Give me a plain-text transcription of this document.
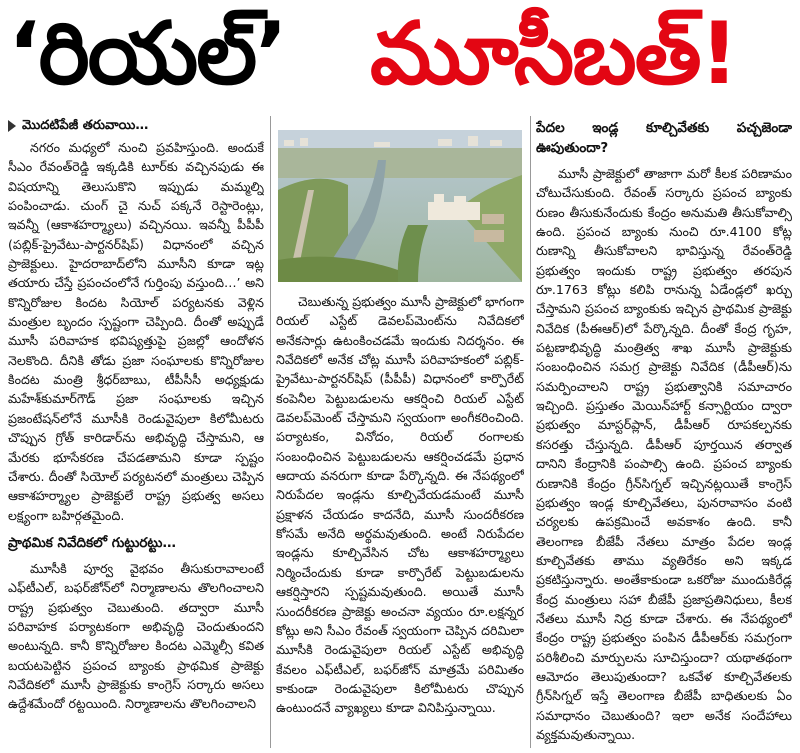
‘రియల్’ మూసీబత్!
మొదటిపేజీ తరువాయి…

నగరం మధ్యలో నుంచి ప్రవహిస్తుంది. అందుకే సీఎం రేవంత్‌రెడ్డి ఇక్కడికి టూర్‌కు వచ్చినపుడు ఈ విషయాన్ని తెలుసుకొని ఇప్పుడు మమ్మల్ని పంపించాడు. చుంగ్ చై నుచ్ పక్కనే రెస్టారెంట్లు, ఇవన్నీ (ఆకాశహర్మ్యాలు) వచ్చినయి. ఇవన్నీ పీపీపీ (పబ్లిక్-ప్రైవేటు-పార్టనర్‌షిప్) విధానంలో వచ్చిన ప్రాజెక్టులు. హైదరాబాద్‌లోని మూసీని కూడా ఇట్ల తయారు చేస్తే ప్రపంచంలోనే గుర్తింపు వస్తుంది…’ అని కొన్నిరోజుల కిందట సియోల్ పర్యటనకు వెళ్లిన మంత్రుల బృందం స్పష్టంగా చెప్పింది. దీంతో అప్పుడే మూసీ పరివాహక భవిష్యత్తుపై ప్రజల్లో ఆందోళన నెలకొంది. దీనికి తోడు ప్రజా సంఘాలకు కొన్నిరోజుల కిందట మంత్రి శ్రీధర్‌బాబు, టీపీసీసీ అధ్యక్షుడు మహేశ్‌కుమార్‌గౌడ్ ప్రజా సంఘాలకు ఇచ్చిన ప్రజంటేషన్‌లోనే మూసీకి రెండువైపులా కిలోమీటరు చొప్పున గ్రోత్ కారిడార్‌ను అభివృద్ధి చేస్తామని, ఆ మేరకు భూసేకరణ చేపడతామని కూడా స్పష్టం చేశారు. దీంతో సియోల్ పర్యటనలో మంత్రులు చెప్పిన ఆకాశహర్మ్యాల ప్రాజెక్టులే రాష్ట్ర ప్రభుత్వ అసలు లక్ష్యంగా బహిర్గతమైంది.

ప్రాథమిక నివేదికలో గుట్టురట్టు…

మూసీకి పూర్వ వైభవం తీసుకురావాలంటే ఎఫ్‌టీఎల్, బఫర్‌జోన్‌లో నిర్మాణాలను తొలగించాలని రాష్ట్ర ప్రభుత్వం చెబుతుంది. తద్వారా మూసీ పరివాహక పర్యాటకంగా అభివృద్ధి చెందుతుందని అంటున్నది. కానీ కొన్నిరోజుల కిందట ఎమ్మెల్సీ కవిత బయటపెట్టిన ప్రపంచ బ్యాంకు ప్రాథమిక ప్రాజెక్టు నివేదికలో మూసీ ప్రాజెక్టుకు కాంగ్రెస్ సర్కారు అసలు ఉద్దేశమేందో రట్టయింది. నిర్మాణాలను తొలగించాలని

చెబుతున్న ప్రభుత్వం మూసీ ప్రాజెక్టులో భాగంగా రియల్ ఎస్టేట్ డెవలప్‌మెంట్‌ను నివేదికలో అనేకసార్లు ఉటంకించడమే ఇందుకు నిదర్శనం. ఈ నివేదికలో అనేక చోట్ల మూసీ పరివాహకంలో పబ్లిక్-ప్రైవేటు-పార్టనర్‌షిప్ (పీపీపీ) విధానంలో కార్పొరేట్ కంపెనీల పెట్టుబడులను ఆకర్షించి రియల్ ఎస్టేట్ డెవలప్‌మెంట్ చేస్తామని స్వయంగా అంగీకరించింది. పర్యాటకం, వినోదం, రియల్ రంగాలకు సంబంధించిన పెట్టుబడులను ఆకర్షించడమే ప్రధాన ఆదాయ వనరుగా కూడా పేర్కొన్నది. ఈ నేపథ్యంలో నిరుపేదల ఇండ్లను కూల్చివేయడమంటే మూసీ ప్రక్షాళన చేయడం కాదనేది, మూసీ సుందరీకరణ కోసమే అనేది అర్థమవుతుంది. అంటే నిరుపేదల ఇండ్లను కూల్చివేసిన చోట ఆకాశహర్మ్యాలు నిర్మించేందుకు కూడా కార్పొరేట్ పెట్టుబడులను ఆకర్షిస్తారని స్పష్టమవుతుంది. అయితే మూసీ సుందరీకరణ ప్రాజెక్టు అంచనా వ్యయం రూ.లక్షన్నర కోట్లు అని సీఎం రేవంత్ స్వయంగా చెప్పిన దరిమిలా మూసీకి రెండువైపులా రియల్ ఎస్టేట్ అభివృద్ధి కేవలం ఎఫ్‌టీఎల్, బఫర్‌జోన్ మాత్రమే పరిమితం కాకుండా రెండువైపులా కిలోమీటరు చొప్పున ఉంటుందనే వ్యాఖ్యలు కూడా వినిపిస్తున్నాయి.

పేదల ఇండ్ల కూల్చివేతకు పచ్చజెండా ఊపుతుందా?

మూసీ ప్రాజెక్టులో తాజాగా మరో కీలక పరిణామం చోటుచేసుకుంది. రేవంత్ సర్కారు ప్రపంచ బ్యాంకు రుణం తీసుకునేందుకు కేంద్రం అనుమతి తీసుకోవాల్సి ఉంది. ప్రపంచ బ్యాంకు నుంచి రూ.4100 కోట్ల రుణాన్ని తీసుకోవాలని భావిస్తున్న రేవంత్‌రెడ్డి ప్రభుత్వం ఇందుకు రాష్ట్ర ప్రభుత్వం తరపున రూ.1763 కోట్లు కలిపి రానున్న ఏడేండ్లలో ఖర్చు చేస్తామని ప్రపంచ బ్యాంకుకు ఇచ్చిన ప్రాథమిక ప్రాజెక్టు నివేదిక (పీఈఆర్)లో పేర్కొన్నది. దీంతో కేంద్ర గృహ, పట్టణాభివృద్ధి మంత్రిత్వ శాఖ మూసీ ప్రాజెక్టుకు సంబంధించిన సమగ్ర ప్రాజెక్టు నివేదిక (డీపీఆర్)ను సమర్పించాలని రాష్ట్ర ప్రభుత్వానికి సమాచారం ఇచ్చింది. ప్రస్తుతం మెయిన్‌హార్ట్ కన్సార్టియం ద్వారా ప్రభుత్వం మాస్టర్‌ప్లాన్, డీపీఆర్ రూపకల్పనకు కసరత్తు చేస్తున్నది. డీపీఆర్ పూర్తయిన తర్వాత దానిని కేంద్రానికి పంపాల్సి ఉంది. ప్రపంచ బ్యాంకు రుణానికి కేంద్రం గ్రీన్‌సిగ్నల్ ఇచ్చినట్లయితే కాంగ్రెస్ ప్రభుత్వం ఇండ్ల కూల్చివేతలు, పునరావాసం వంటి చర్యలకు ఉపక్రమించే అవకాశం ఉంది. కానీ తెలంగాణ బీజేపీ నేతలు మాత్రం పేదల ఇండ్ల కూల్చివేతకు తాము వ్యతిరేకం అని ఇక్కడ ప్రకటిస్తున్నారు. అంతేకాకుండా ఒకరోజు ముందుకిరేడ్ల కేంద్ర మంత్రులు సహా బీజేపీ ప్రజాప్రతినిధులు, కీలక నేతలు మూసీ నిద్ర కూడా చేశారు. ఈ నేపథ్యంలో కేంద్రం రాష్ట్ర ప్రభుత్వం పంపిన డీపీఆర్‌కు సమగ్రంగా పరిశీలించి మార్పులను సూచిస్తుందా? యథాతథంగా ఆమోదం తెలుపుతుందా? ఒకవేళ కూల్చివేతలకు గ్రీన్‌సిగ్నల్ ఇస్తే తెలంగాణ బీజేపీ బాధితులకు ఏం సమాధానం చెబుతుంది? ఇలా అనేక సందేహాలు వ్యక్తమవుతున్నాయి.
